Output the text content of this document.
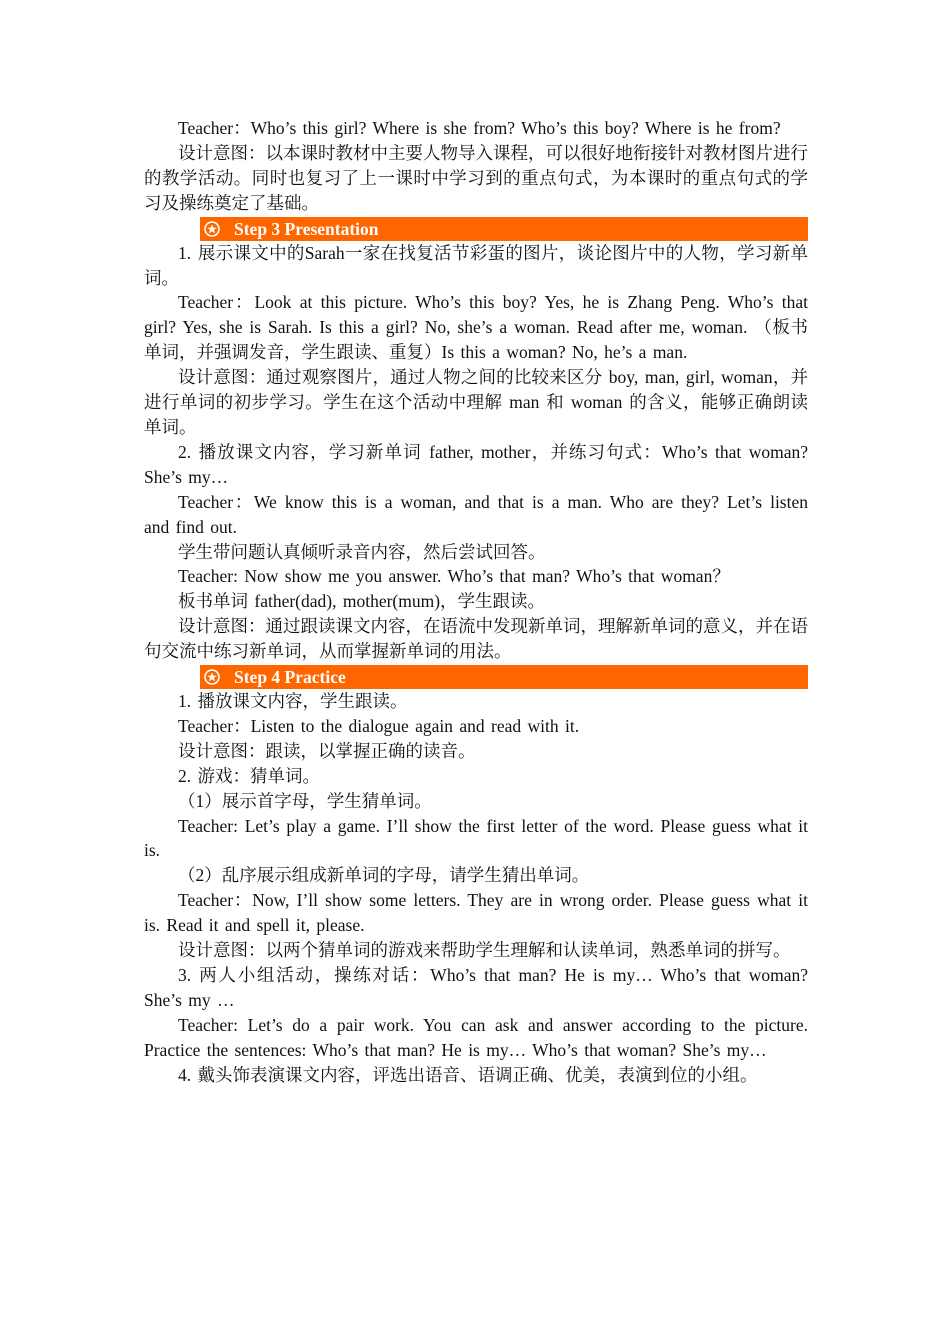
Teacher：Who’s this girl? Where is she from? Who’s this boy? Where is he from?

设计意图：以本课时教材中主要人物导入课程，可以很好地衔接针对教材图片进行的教学活动。同时也复习了上一课时中学习到的重点句式，为本课时的重点句式的学习及操练奠定了基础。

Step 3 Presentation

1. 展示课文中的Sarah一家在找复活节彩蛋的图片，谈论图片中的人物，学习新单词。

Teacher：Look at this picture. Who’s this boy? Yes, he is Zhang Peng. Who’s that girl? Yes, she is Sarah. Is this a girl? No, she’s a woman. Read after me, woman. （板书单词，并强调发音，学生跟读、重复）Is this a woman? No, he’s a man.

设计意图：通过观察图片，通过人物之间的比较来区分 boy, man, girl, woman，并进行单词的初步学习。学生在这个活动中理解 man 和 woman 的含义，能够正确朗读单词。

2. 播放课文内容，学习新单词 father, mother，并练习句式：Who’s that woman? She’s my…

Teacher：We know this is a woman, and that is a man. Who are they? Let’s listen and find out.

学生带问题认真倾听录音内容，然后尝试回答。

Teacher: Now show me you answer. Who’s that man? Who’s that woman？

板书单词 father(dad), mother(mum)，学生跟读。

设计意图：通过跟读课文内容，在语流中发现新单词，理解新单词的意义，并在语句交流中练习新单词，从而掌握新单词的用法。

Step 4 Practice

1. 播放课文内容，学生跟读。

Teacher：Listen to the dialogue again and read with it.

设计意图：跟读，以掌握正确的读音。

2. 游戏：猜单词。

（1）展示首字母，学生猜单词。

Teacher: Let’s play a game. I’ll show the first letter of the word. Please guess what it is.

（2）乱序展示组成新单词的字母，请学生猜出单词。

Teacher：Now, I’ll show some letters. They are in wrong order. Please guess what it is. Read it and spell it, please.

设计意图：以两个猜单词的游戏来帮助学生理解和认读单词，熟悉单词的拼写。

3. 两人小组活动，操练对话：Who’s that man? He is my… Who’s that woman? She’s my …

Teacher: Let’s do a pair work. You can ask and answer according to the picture. Practice the sentences: Who’s that man? He is my… Who’s that woman? She’s my…

4. 戴头饰表演课文内容，评选出语音、语调正确、优美，表演到位的小组。
